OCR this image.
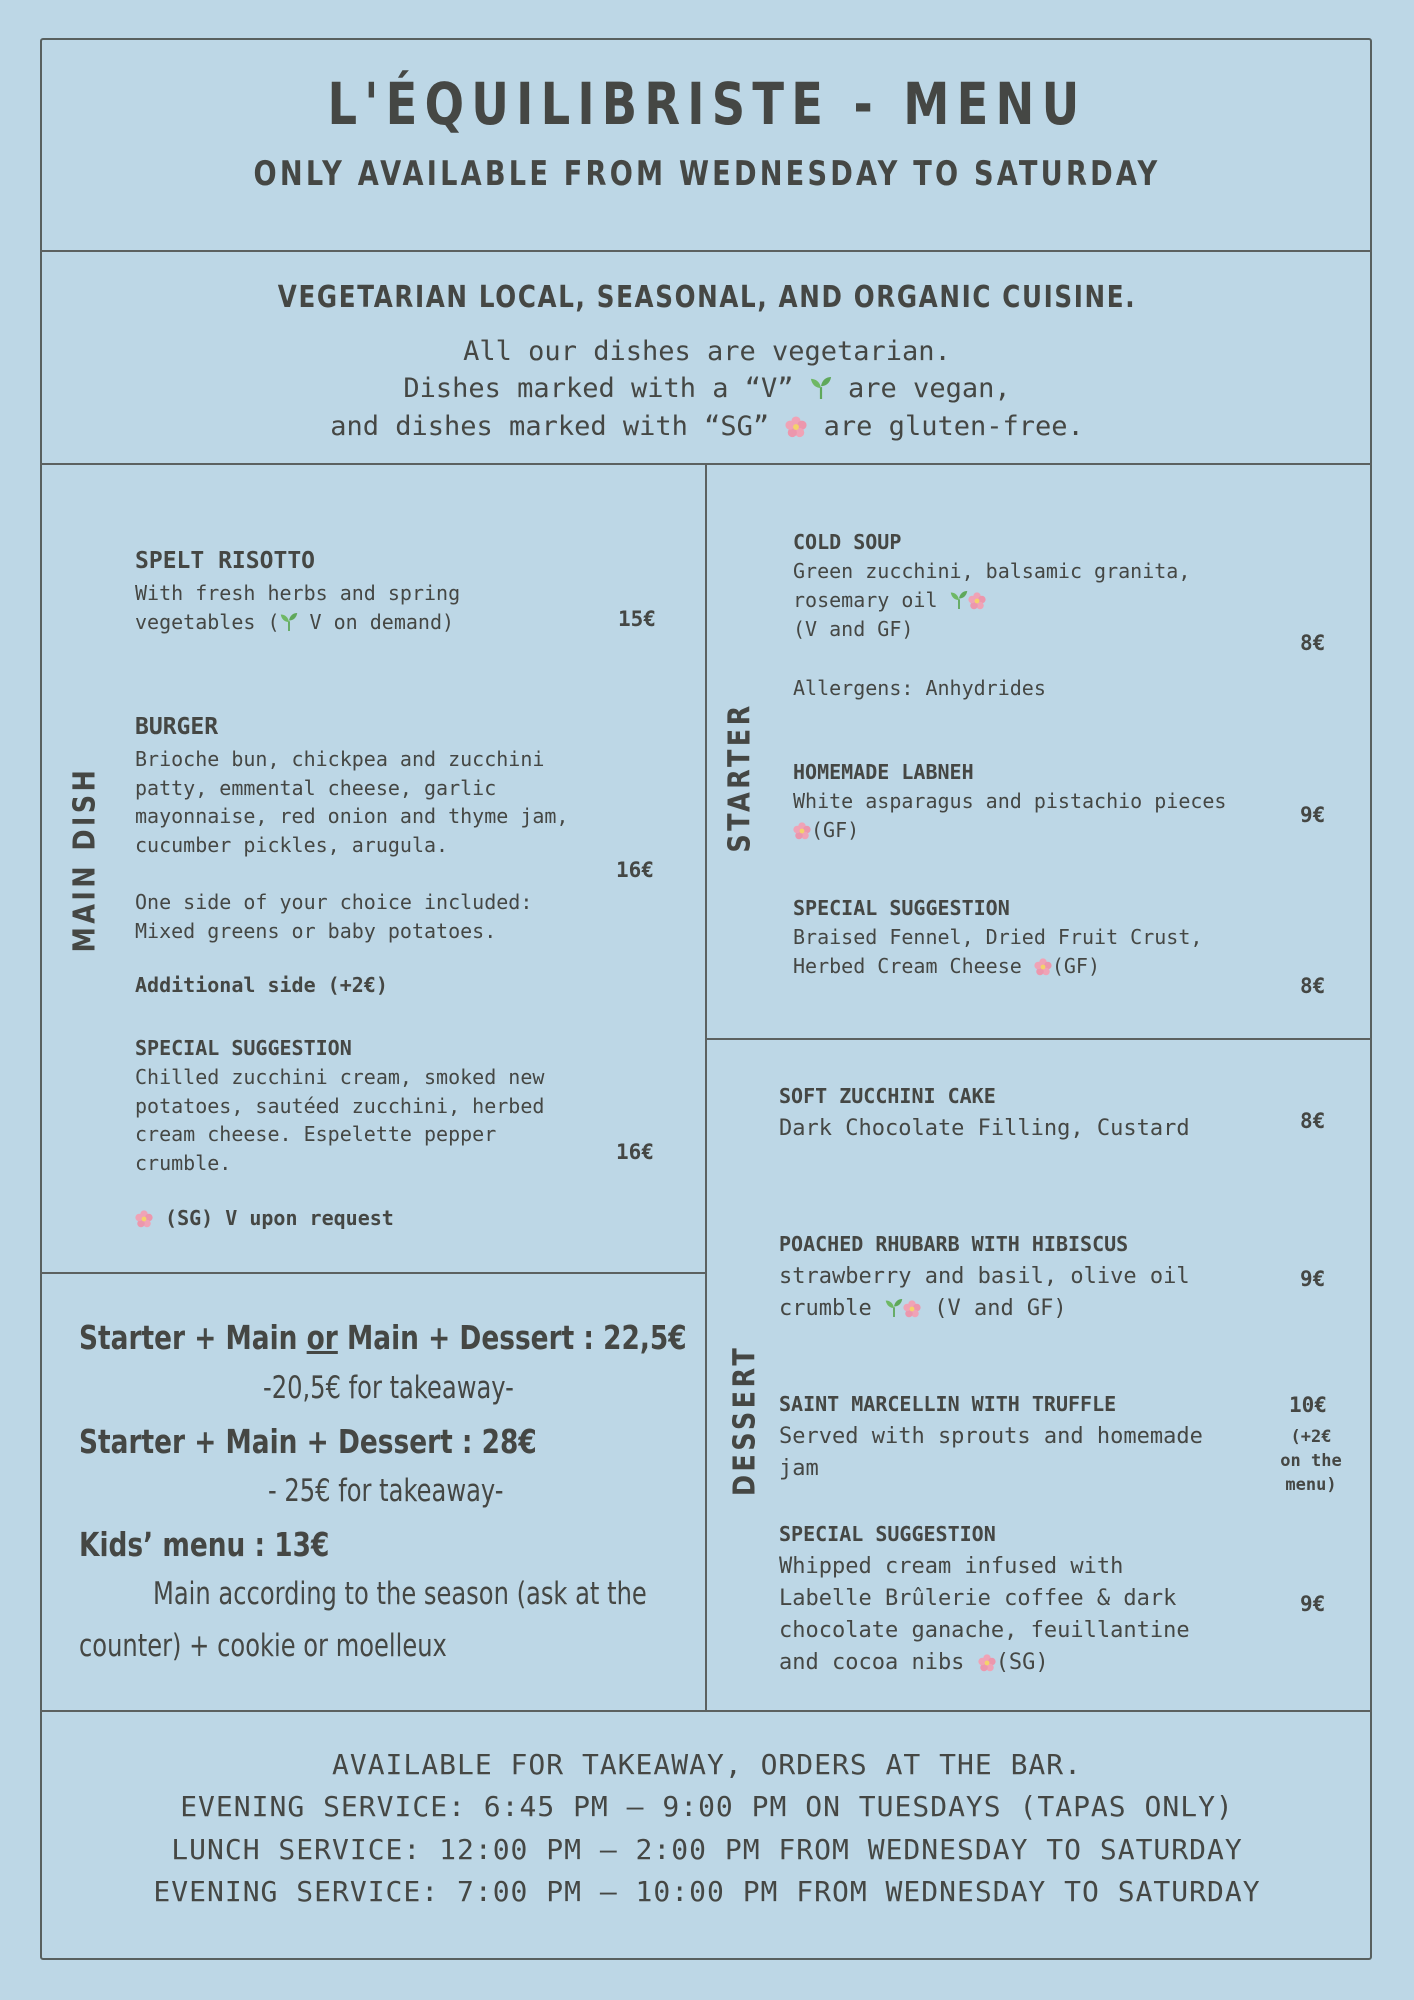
L'ÉQUILIBRISTE - MENU
ONLY AVAILABLE FROM WEDNESDAY TO SATURDAY
VEGETARIAN LOCAL, SEASONAL, AND ORGANIC CUISINE.
All our dishes are vegetarian.
Dishes marked with a “V”  are vegan,
and dishes marked with “SG”  are gluten-free.
MAIN DISH
SPELT RISOTTO
With fresh herbs and spring
vegetables ( V on demand)	15€
BURGER
Brioche bun, chickpea and zucchini
patty, emmental cheese, garlic
mayonnaise, red onion and thyme jam,
cucumber pickles, arugula.
One side of your choice included:
Mixed greens or baby potatoes.
Additional side (+2€)
16€
SPECIAL SUGGESTION
Chilled zucchini cream, smoked new
potatoes, sautéed zucchini, herbed
cream cheese. Espelette pepper
crumble.
(SG) V upon request
16€
Starter + Main or Main + Dessert : 22,5€
-20,5€ for takeaway-
Starter + Main + Dessert : 28€
- 25€ for takeaway-
Kids’ menu : 13€
Main according to the season (ask at the
counter) + cookie or moelleux
STARTER
COLD SOUP
Green zucchini, balsamic granita,
rosemary oil
(V and GF)
Allergens: Anhydrides
8€
HOMEMADE LABNEH
White asparagus and pistachio pieces
(GF)
9€
SPECIAL SUGGESTION
Braised Fennel, Dried Fruit Crust,
Herbed Cream Cheese (GF)
8€
DESSERT
SOFT ZUCCHINI CAKE
Dark Chocolate Filling, Custard	8€
POACHED RHUBARB WITH HIBISCUS
strawberry and basil, olive oil
crumble  (V and GF)
9€
SAINT MARCELLIN WITH TRUFFLE
Served with sprouts and homemade
jam
10€
(+2€
on the
menu)
SPECIAL SUGGESTION
Whipped cream infused with
Labelle Brûlerie coffee & dark
chocolate ganache, feuillantine
and cocoa nibs (SG)
9€
AVAILABLE FOR TAKEAWAY, ORDERS AT THE BAR.
EVENING SERVICE: 6:45 PM – 9:00 PM ON TUESDAYS (TAPAS ONLY)
LUNCH SERVICE: 12:00 PM – 2:00 PM FROM WEDNESDAY TO SATURDAY
EVENING SERVICE: 7:00 PM – 10:00 PM FROM WEDNESDAY TO SATURDAY
